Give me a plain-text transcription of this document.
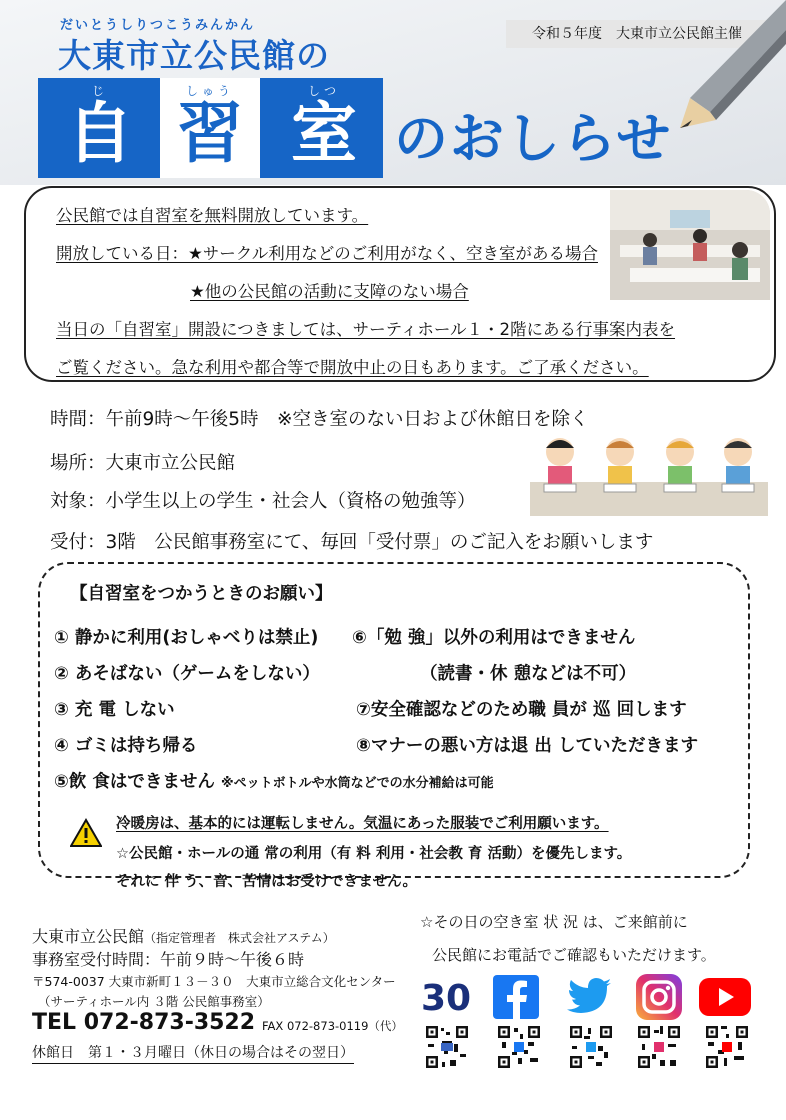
だいとうしりつこうみんかん
大東市立公民館の
じ
自
しゅう
習
しつ
室 のおしらせ
令和５年度　大東市立公民館主催
公民館では自習室を無料開放しています。
開放している日：★サークル利用などのご利用がなく、空き室がある場合
★他の公民館の活動に支障のない場合
当日の「自習室」開設につきましては、サーティホール１・2階にある行事案内表を
ご覧ください。急な利用や都合等で開放中止の日もあります。ご了承ください。
時間：午前9時～午後5時　※空き室のない日および休館日を除く
場所：大東市立公民館
対象：小学生以上の学生・社会人（資格の勉強等）
受付：3階　公民館事務室にて、毎回「受付票」のご記入をお願いします
【自習室をつかうときのお願い】
① 静かに利用(おしゃべりは禁止)
② あそばない（ゲームをしない）
③ 充 電 しない
④ ゴミは持ち帰る
⑤飲 食はできません ※ペットボトルや水筒などでの水分補給は可能
⑥「勉 強」以外の利用はできません
（読書・休 憩などは不可）
⑦安全確認などのため職 員が 巡 回します
⑧マナーの悪い方は退 出 していただきます
冷暖房は、基本的には運転しません。気温にあった服装でご利用願います。
☆公民館・ホールの通 常の利用（有 料 利用・社会教 育 活動）を優先します。
それに 伴 う、音、苦情はお受けできません。
大東市立公民館（指定管理者　株式会社アステム）
事務室受付時間：午前９時～午後６時
〒574-0037 大東市新町１３－３０　大東市立総合文化センター
（サーティホール内 ３階 公民館事務室）
TEL 072-873-3522 FAX 072-873-0119（代）
休館日　第１・３月曜日（休日の場合はその翌日）
☆その日の空き室 状 況 は、ご来館前に
公民館にお電話でご確認もいただけます。
30
